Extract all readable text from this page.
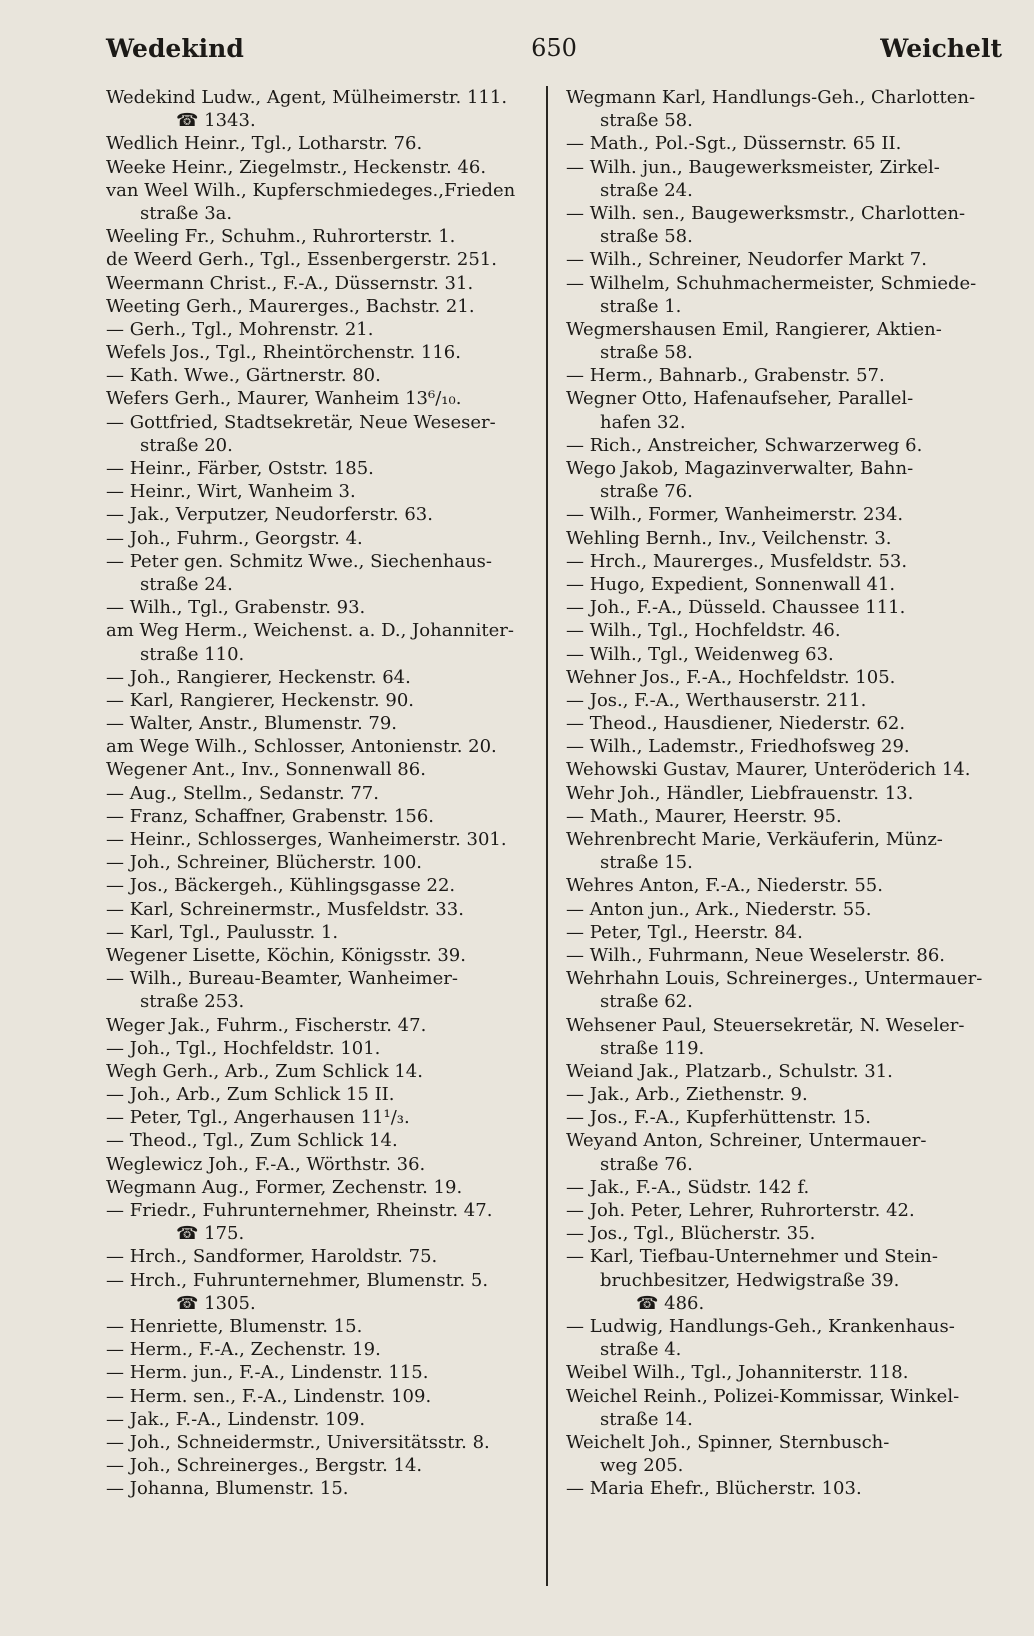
Wedekind	650	Weichelt
Wedekind Ludw., Agent, Mülheimerstr. 111.
☎ 1343.
Wedlich Heinr., Tgl., Lotharstr. 76.
Weeke Heinr., Ziegelmstr., Heckenstr. 46.
van Weel Wilh., Kupferschmiedeges.,Frieden
straße 3a.
Weeling Fr., Schuhm., Ruhrorterstr. 1.
de Weerd Gerh., Tgl., Essenbergerstr. 251.
Weermann Christ., F.-A., Düssernstr. 31.
Weeting Gerh., Maurerges., Bachstr. 21.
— Gerh., Tgl., Mohrenstr. 21.
Wefels Jos., Tgl., Rheintörchenstr. 116.
— Kath. Wwe., Gärtnerstr. 80.
Wefers Gerh., Maurer, Wanheim 13⁶/₁₀.
— Gottfried, Stadtsekretär, Neue Weseser-
straße 20.
— Heinr., Färber, Oststr. 185.
— Heinr., Wirt, Wanheim 3.
— Jak., Verputzer, Neudorferstr. 63.
— Joh., Fuhrm., Georgstr. 4.
— Peter gen. Schmitz Wwe., Siechenhaus-
straße 24.
— Wilh., Tgl., Grabenstr. 93.
am Weg Herm., Weichenst. a. D., Johanniter-
straße 110.
— Joh., Rangierer, Heckenstr. 64.
— Karl, Rangierer, Heckenstr. 90.
— Walter, Anstr., Blumenstr. 79.
am Wege Wilh., Schlosser, Antonienstr. 20.
Wegener Ant., Inv., Sonnenwall 86.
— Aug., Stellm., Sedanstr. 77.
— Franz, Schaffner, Grabenstr. 156.
— Heinr., Schlosserges, Wanheimerstr. 301.
— Joh., Schreiner, Blücherstr. 100.
— Jos., Bäckergeh., Kühlingsgasse 22.
— Karl, Schreinermstr., Musfeldstr. 33.
— Karl, Tgl., Paulusstr. 1.
Wegener Lisette, Köchin, Königsstr. 39.
— Wilh., Bureau-Beamter, Wanheimer-
straße 253.
Weger Jak., Fuhrm., Fischerstr. 47.
— Joh., Tgl., Hochfeldstr. 101.
Wegh Gerh., Arb., Zum Schlick 14.
— Joh., Arb., Zum Schlick 15 II.
— Peter, Tgl., Angerhausen 11¹/₃.
— Theod., Tgl., Zum Schlick 14.
Weglewicz Joh., F.-A., Wörthstr. 36.
Wegmann Aug., Former, Zechenstr. 19.
— Friedr., Fuhrunternehmer, Rheinstr. 47.
☎ 175.
— Hrch., Sandformer, Haroldstr. 75.
— Hrch., Fuhrunternehmer, Blumenstr. 5.
☎ 1305.
— Henriette, Blumenstr. 15.
— Herm., F.-A., Zechenstr. 19.
— Herm. jun., F.-A., Lindenstr. 115.
— Herm. sen., F.-A., Lindenstr. 109.
— Jak., F.-A., Lindenstr. 109.
— Joh., Schneidermstr., Universitätsstr. 8.
— Joh., Schreinerges., Bergstr. 14.
— Johanna, Blumenstr. 15.
Wegmann Karl, Handlungs-Geh., Charlotten-
straße 58.
— Math., Pol.-Sgt., Düssernstr. 65 II.
— Wilh. jun., Baugewerksmeister, Zirkel-
straße 24.
— Wilh. sen., Baugewerksmstr., Charlotten-
straße 58.
— Wilh., Schreiner, Neudorfer Markt 7.
— Wilhelm, Schuhmachermeister, Schmiede-
straße 1.
Wegmershausen Emil, Rangierer, Aktien-
straße 58.
— Herm., Bahnarb., Grabenstr. 57.
Wegner Otto, Hafenaufseher, Parallel-
hafen 32.
— Rich., Anstreicher, Schwarzerweg 6.
Wego Jakob, Magazinverwalter, Bahn-
straße 76.
— Wilh., Former, Wanheimerstr. 234.
Wehling Bernh., Inv., Veilchenstr. 3.
— Hrch., Maurerges., Musfeldstr. 53.
— Hugo, Expedient, Sonnenwall 41.
— Joh., F.-A., Düsseld. Chaussee 111.
— Wilh., Tgl., Hochfeldstr. 46.
— Wilh., Tgl., Weidenweg 63.
Wehner Jos., F.-A., Hochfeldstr. 105.
— Jos., F.-A., Werthauserstr. 211.
— Theod., Hausdiener, Niederstr. 62.
— Wilh., Lademstr., Friedhofsweg 29.
Wehowski Gustav, Maurer, Unteröderich 14.
Wehr Joh., Händler, Liebfrauenstr. 13.
— Math., Maurer, Heerstr. 95.
Wehrenbrecht Marie, Verkäuferin, Münz-
straße 15.
Wehres Anton, F.-A., Niederstr. 55.
— Anton jun., Ark., Niederstr. 55.
— Peter, Tgl., Heerstr. 84.
— Wilh., Fuhrmann, Neue Weselerstr. 86.
Wehrhahn Louis, Schreinerges., Untermauer-
straße 62.
Wehsener Paul, Steuersekretär, N. Weseler-
straße 119.
Weiand Jak., Platzarb., Schulstr. 31.
— Jak., Arb., Ziethenstr. 9.
— Jos., F.-A., Kupferhüttenstr. 15.
Weyand Anton, Schreiner, Untermauer-
straße 76.
— Jak., F.-A., Südstr. 142 f.
— Joh. Peter, Lehrer, Ruhrorterstr. 42.
— Jos., Tgl., Blücherstr. 35.
— Karl, Tiefbau-Unternehmer und Stein-
bruchbesitzer, Hedwigstraße 39.
☎ 486.
— Ludwig, Handlungs-Geh., Krankenhaus-
straße 4.
Weibel Wilh., Tgl., Johanniterstr. 118.
Weichel Reinh., Polizei-Kommissar, Winkel-
straße 14.
Weichelt Joh., Spinner, Sternbusch-
weg 205.
— Maria Ehefr., Blücherstr. 103.
